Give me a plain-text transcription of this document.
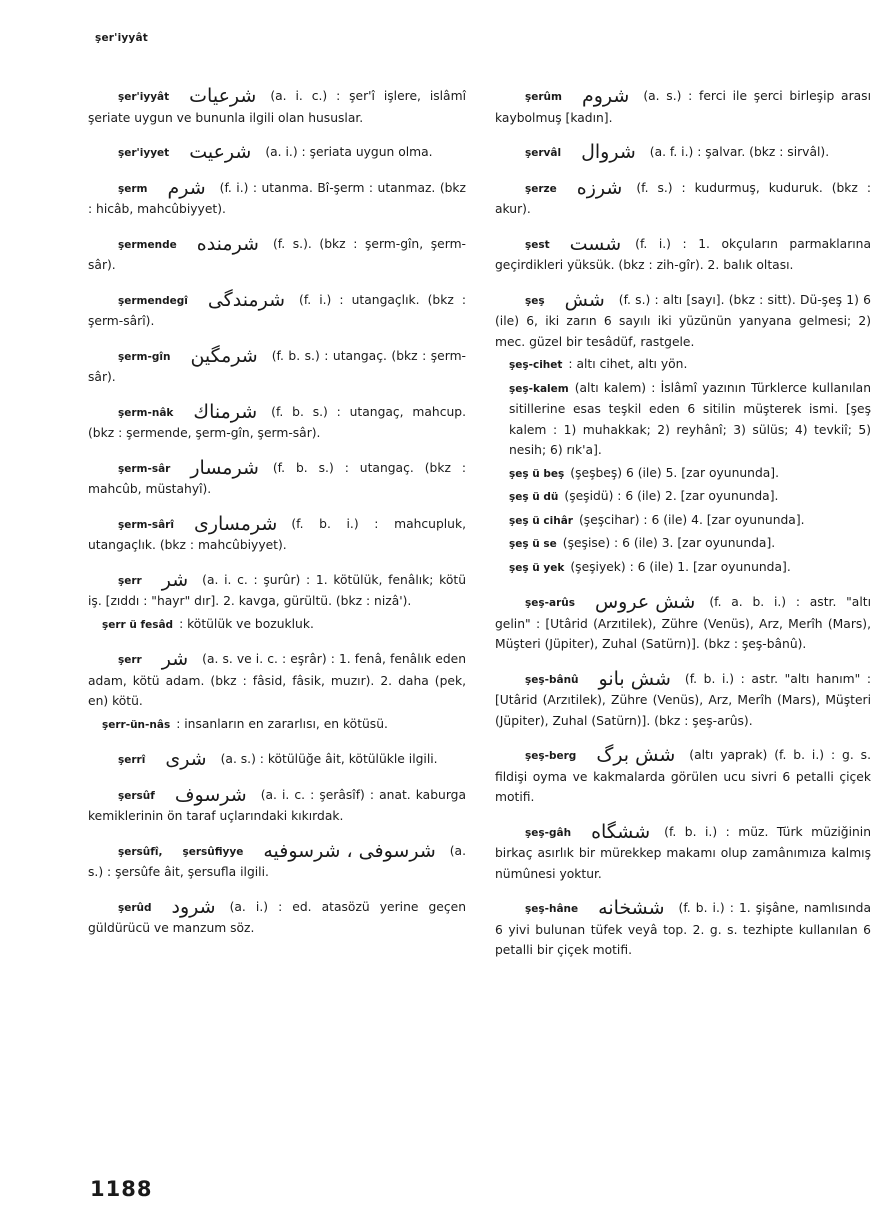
şer'iyyât
şer'iyyât شرعيات (a. i. c.) : şer'î işlere, islâmî şeriate uygun ve bununla ilgili olan hususlar.
şer'iyyet شرعيت (a. i.) : şeriata uygun olma.
şerm شرم (f. i.) : utanma. Bî-şerm : utanmaz. (bkz : hicâb, mahcûbiyyet).
şermende شرمنده (f. s.). (bkz : şerm-gîn, şerm-sâr).
şermendegî شرمندگی (f. i.) : utangaçlık. (bkz : şerm-sârî).
şerm-gîn شرمگين (f. b. s.) : utangaç. (bkz : şerm-sâr).
şerm-nâk شرمناك (f. b. s.) : utangaç, mahcup. (bkz : şermende, şerm-gîn, şerm-sâr).
şerm-sâr شرمسار (f. b. s.) : utangaç. (bkz : mahcûb, müstahyî).
şerm-sârî شرمسارى (f. b. i.) : mahcupluk, utangaçlık. (bkz : mahcûbiyyet).
şerr شر (a. i. c. : şurûr) : 1. kötülük, fenâlık; kötü iş. [zıddı : "hayr" dır]. 2. kavga, gürültü. (bkz : nizâ').
şerr ü fesâd : kötülük ve bozukluk.
şerr شر (a. s. ve i. c. : eşrâr) : 1. fenâ, fenâlık eden adam, kötü adam. (bkz : fâsid, fâsik, muzır). 2. daha (pek, en) kötü.
şerr-ün-nâs : insanların en zararlısı, en kötüsü.
şerrî شرى (a. s.) : kötülüğe âit, kötülükle ilgili.
şersûf شرسوف (a. i. c. : şerâsîf) : anat. kaburga kemiklerinin ön taraf uçlarındaki kıkırdak.
şersûfî, şersûfiyye شرسوفى ، شرسوفيه (a. s.) : şersûfe âit, şersufla ilgili.
şerûd شرود (a. i.) : ed. atasözü yerine geçen güldürücü ve manzum söz.
şerûm شروم (a. s.) : ferci ile şerci birleşip arası kaybolmuş [kadın].
şervâl شروال (a. f. i.) : şalvar. (bkz : sirvâl).
şerze شرزه (f. s.) : kudurmuş, kuduruk. (bkz : akur).
şest شست (f. i.) : 1. okçuların parmaklarına geçirdikleri yüksük. (bkz : zih-gîr). 2. balık oltası.
şeş شش (f. s.) : altı [sayı]. (bkz : sitt). Dü-şeş 1) 6 (ile) 6, iki zarın 6 sayılı iki yüzünün yanyana gelmesi; 2) mec. güzel bir tesâdüf, rastgele.
şeş-cihet : altı cihet, altı yön.
şeş-kalem (altı kalem) : İslâmî yazının Türklerce kullanılan sitillerine esas teşkil eden 6 sitilin müşterek ismi. [şeş kalem : 1) muhakkak; 2) reyhânî; 3) sülüs; 4) tevkiî; 5) nesih; 6) rık'a].
şeş ü beş (şeşbeş) 6 (ile) 5. [zar oyununda].
şeş ü dü (şeşidü) : 6 (ile) 2. [zar oyununda].
şeş ü cihâr (şeşcihar) : 6 (ile) 4. [zar oyununda].
şeş ü se (şeşise) : 6 (ile) 3. [zar oyununda].
şeş ü yek (şeşiyek) : 6 (ile) 1. [zar oyununda].
şeş-arûs شش عروس (f. a. b. i.) : astr. "altı gelin" : [Utârid (Arzıtilek), Zühre (Venüs), Arz, Merîh (Mars), Müşteri (Jüpiter), Zuhal (Satürn)]. (bkz : şeş-bânû).
şeş-bânû شش بانو (f. b. i.) : astr. "altı hanım" : [Utârid (Arzıtilek), Zühre (Venüs), Arz, Merîh (Mars), Müşteri (Jüpiter), Zuhal (Satürn)]. (bkz : şeş-arûs).
şeş-berg شش برگ (altı yaprak) (f. b. i.) : g. s. fildişi oyma ve kakmalarda görülen ucu sivri 6 petalli çiçek motifi.
şeş-gâh ششگاه (f. b. i.) : müz. Türk müziğinin birkaç asırlık bir mürekkep makamı olup zamânımıza kalmış nümûnesi yoktur.
şeş-hâne ششخانه (f. b. i.) : 1. şişâne, namlısında 6 yivi bulunan tüfek veyâ top. 2. g. s. tezhipte kullanılan 6 petalli bir çiçek motifi.
1188
